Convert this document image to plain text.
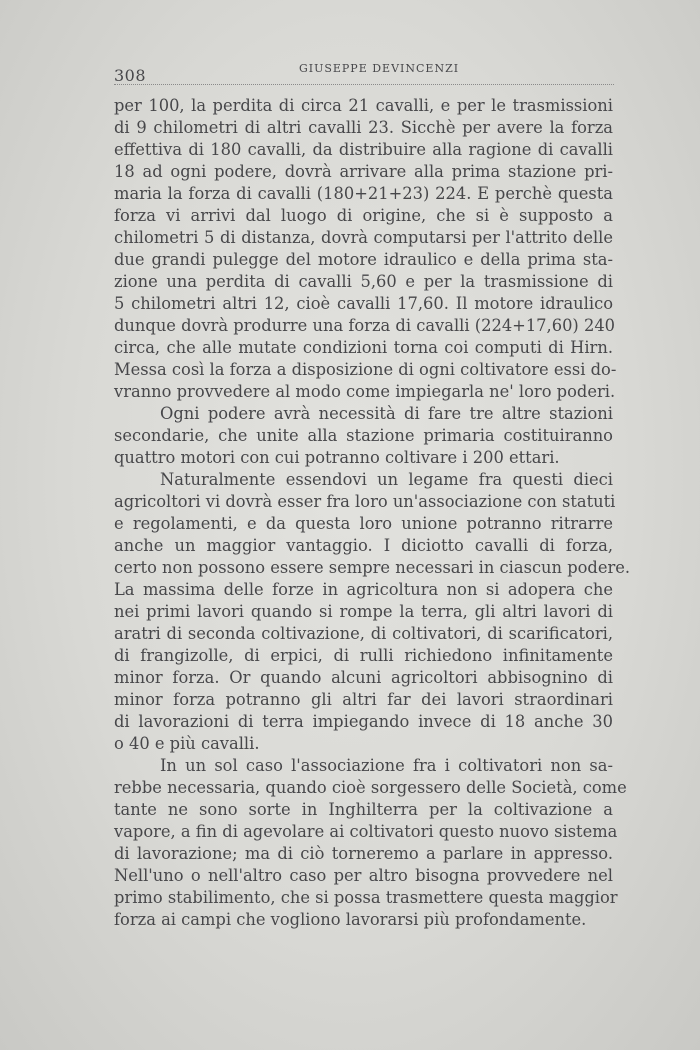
308	GIUSEPPE DEVINCENZI
per 100, la perdita di circa 21 cavalli, e per le trasmissioni
di 9 chilometri di altri cavalli 23. Sicchè per avere la forza
effettiva di 180 cavalli, da distribuire alla ragione di cavalli
18 ad ogni podere, dovrà arrivare alla prima stazione pri-
maria la forza di cavalli (180+21+23) 224. E perchè questa
forza vi arrivi dal luogo di origine, che si è supposto a
chilometri 5 di distanza, dovrà computarsi per l'attrito delle
due grandi pulegge del motore idraulico e della prima sta-
zione una perdita di cavalli 5,60 e per la trasmissione di
5 chilometri altri 12, cioè cavalli 17,60. Il motore idraulico
dunque dovrà produrre una forza di cavalli (224+17,60) 240
circa, che alle mutate condizioni torna coi computi di Hirn.
Messa così la forza a disposizione di ogni coltivatore essi do-
vranno provvedere al modo come impiegarla ne' loro poderi.
Ogni podere avrà necessità di fare tre altre stazioni
secondarie, che unite alla stazione primaria costituiranno
quattro motori con cui potranno coltivare i 200 ettari.
Naturalmente essendovi un legame fra questi dieci
agricoltori vi dovrà esser fra loro un'associazione con statuti
e regolamenti, e da questa loro unione potranno ritrarre
anche un maggior vantaggio. I diciotto cavalli di forza,
certo non possono essere sempre necessari in ciascun podere.
La massima delle forze in agricoltura non si adopera che
nei primi lavori quando si rompe la terra, gli altri lavori di
aratri di seconda coltivazione, di coltivatori, di scarificatori,
di frangizolle, di erpici, di rulli richiedono infinitamente
minor forza. Or quando alcuni agricoltori abbisognino di
minor forza potranno gli altri far dei lavori straordinari
di lavorazioni di terra impiegando invece di 18 anche 30
o 40 e più cavalli.
In un sol caso l'associazione fra i coltivatori non sa-
rebbe necessaria, quando cioè sorgessero delle Società, come
tante ne sono sorte in Inghilterra per la coltivazione a
vapore, a fin di agevolare ai coltivatori questo nuovo sistema
di lavorazione; ma di ciò torneremo a parlare in appresso.
Nell'uno o nell'altro caso per altro bisogna provvedere nel
primo stabilimento, che si possa trasmettere questa maggior
forza ai campi che vogliono lavorarsi più profondamente.
